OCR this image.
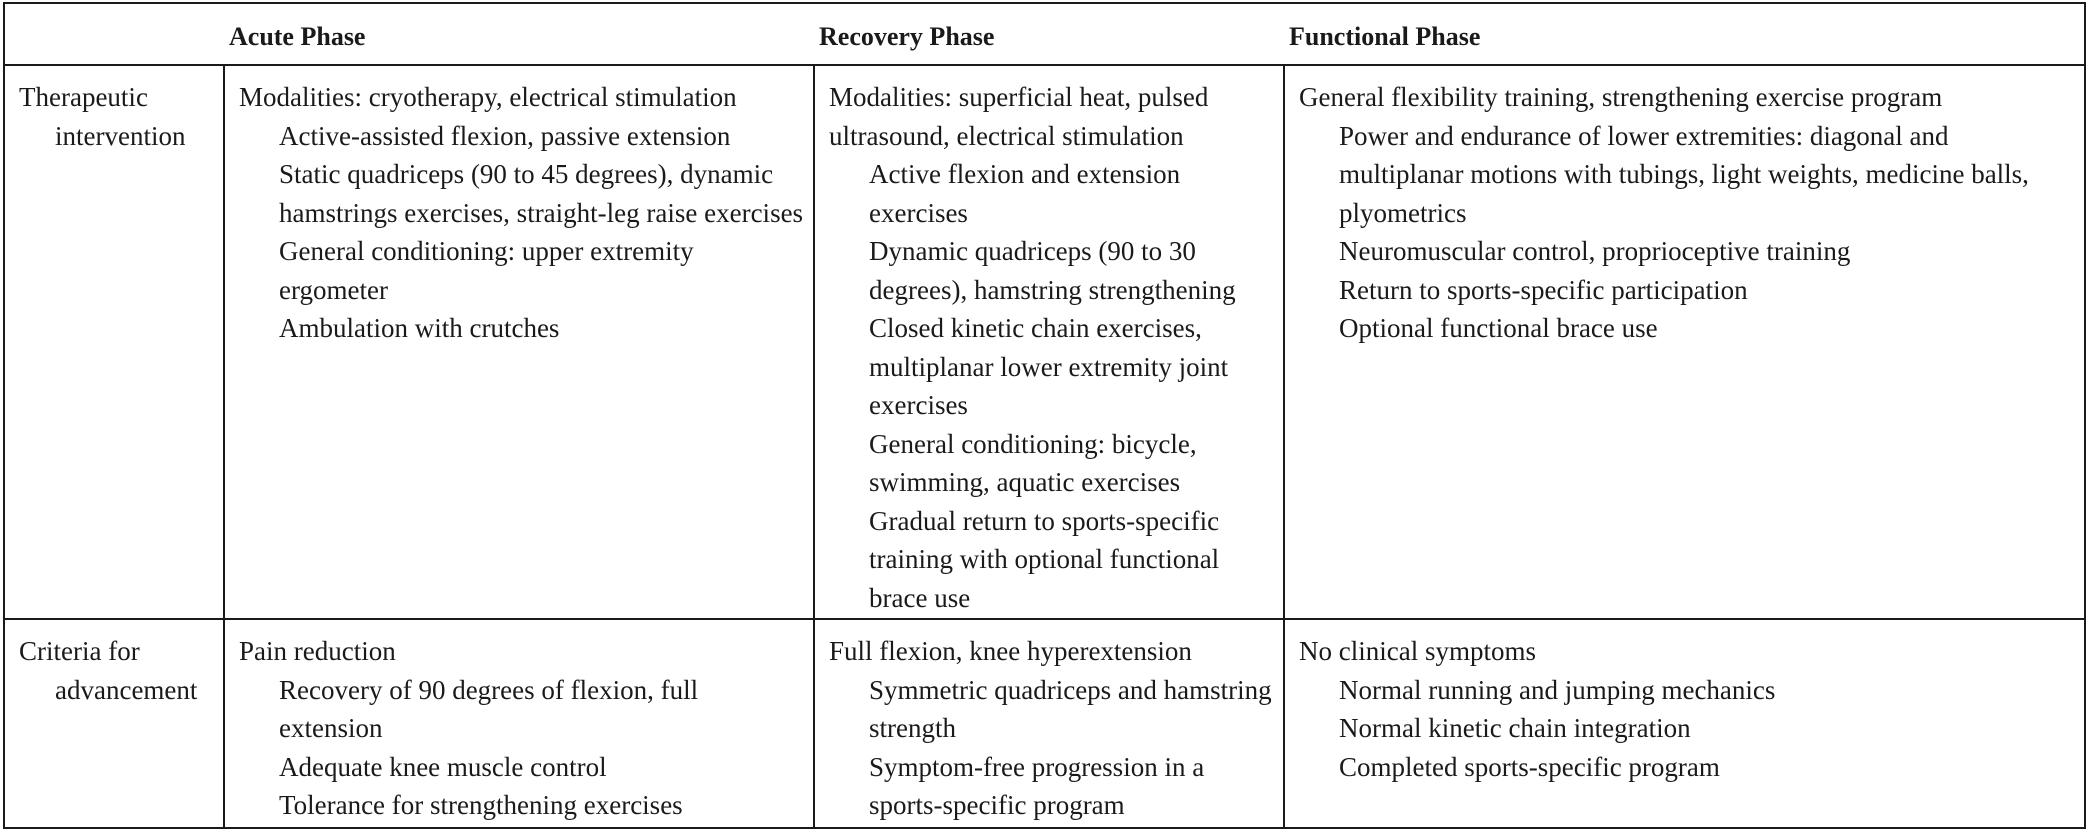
Acute Phase	Recovery Phase	Functional Phase
Therapeutic
intervention
Modalities: cryotherapy, electrical stimulation
Active-assisted flexion, passive extension
Static quadriceps (90 to 45 degrees), dynamic hamstrings exercises, straight-leg raise exercises
General conditioning: upper extremity ergometer
Ambulation with crutches
Modalities: superficial heat, pulsed ultrasound, electrical stimulation
Active flexion and extension exercises
Dynamic quadriceps (90 to 30 degrees), hamstring strengthening
Closed kinetic chain exercises, multiplanar lower extremity joint exercises
General conditioning: bicycle, swimming, aquatic exercises
Gradual return to sports-specific training with optional functional brace use
General flexibility training, strengthening exercise program
Power and endurance of lower extremities: diagonal and multiplanar motions with tubings, light weights, medicine balls, plyometrics
Neuromuscular control, proprioceptive training
Return to sports-specific participation
Optional functional brace use
Criteria for
advancement
Pain reduction
Recovery of 90 degrees of flexion, full extension
Adequate knee muscle control
Tolerance for strengthening exercises
Full flexion, knee hyperextension
Symmetric quadriceps and hamstring strength
Symptom-free progression in a sports-specific program
No clinical symptoms
Normal running and jumping mechanics
Normal kinetic chain integration
Completed sports-specific program
